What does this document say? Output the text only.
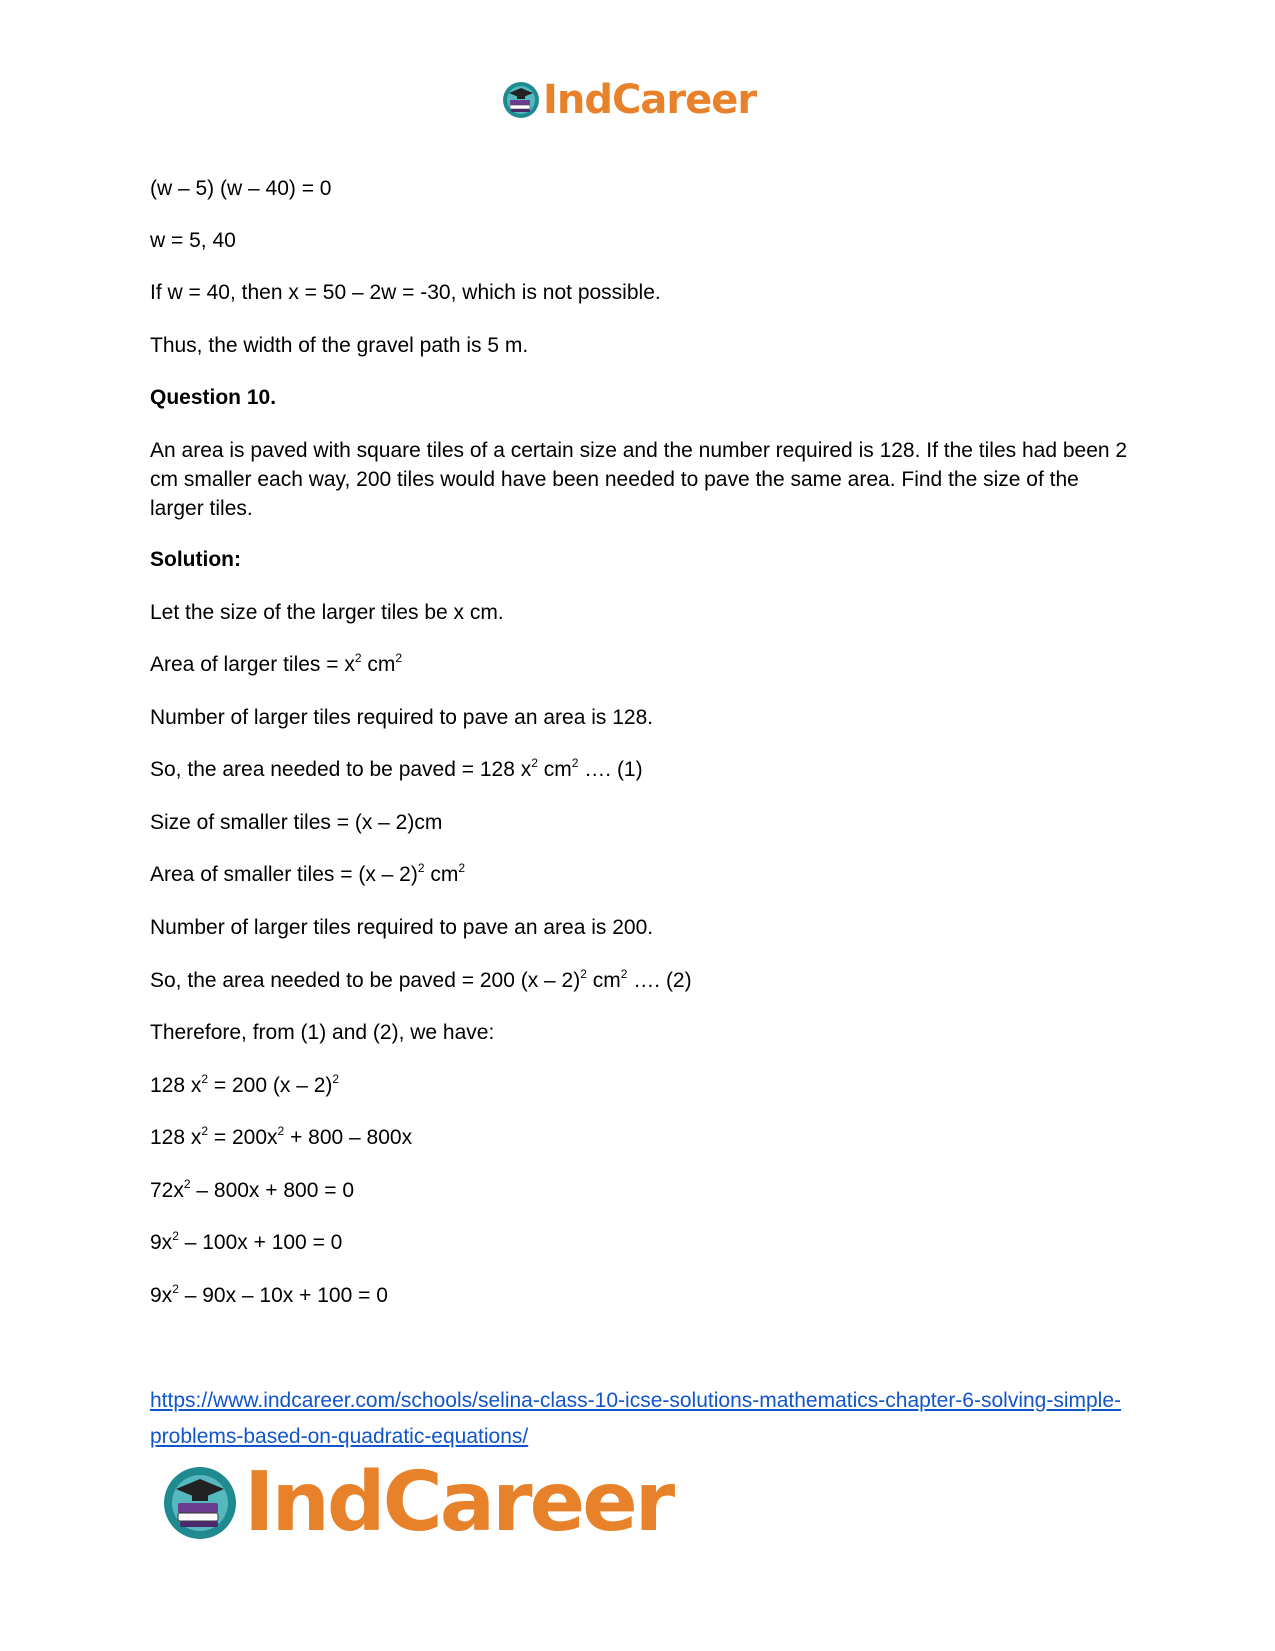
IndCareer

(w – 5) (w – 40) = 0

w = 5, 40

If w = 40, then x = 50 – 2w = -30, which is not possible.

Thus, the width of the gravel path is 5 m.

Question 10.

An area is paved with square tiles of a certain size and the number required is 128. If the tiles had been 2 cm smaller each way, 200 tiles would have been needed to pave the same area. Find the size of the larger tiles.

Solution:

Let the size of the larger tiles be x cm.

Area of larger tiles = $x^2$ $cm^2$

Number of larger tiles required to pave an area is 128.

So, the area needed to be paved = 128 $x^2$ $cm^2$ …. (1)

Size of smaller tiles = (x – 2)cm

Area of smaller tiles = (x – 2)$^2$ $cm^2$

Number of larger tiles required to pave an area is 200.

So, the area needed to be paved = 200 (x – 2)$^2$ $cm^2$ …. (2)

Therefore, from (1) and (2), we have:

128 $x^2 = 200$ (x – 2)$^2$

128 $x^2 = 200x^2 + 800 - 800x$

$72x^2 - 800x + 800 = 0$

$9x^2 - 100x + 100 = 0$

$9x^2 - 90x - 10x + 100 = 0$

https://www.indcareer.com/schools/selina-class-10-icse-solutions-mathematics-chapter-6-solving-simple-problems-based-on-quadratic-equations/
IndCareer
